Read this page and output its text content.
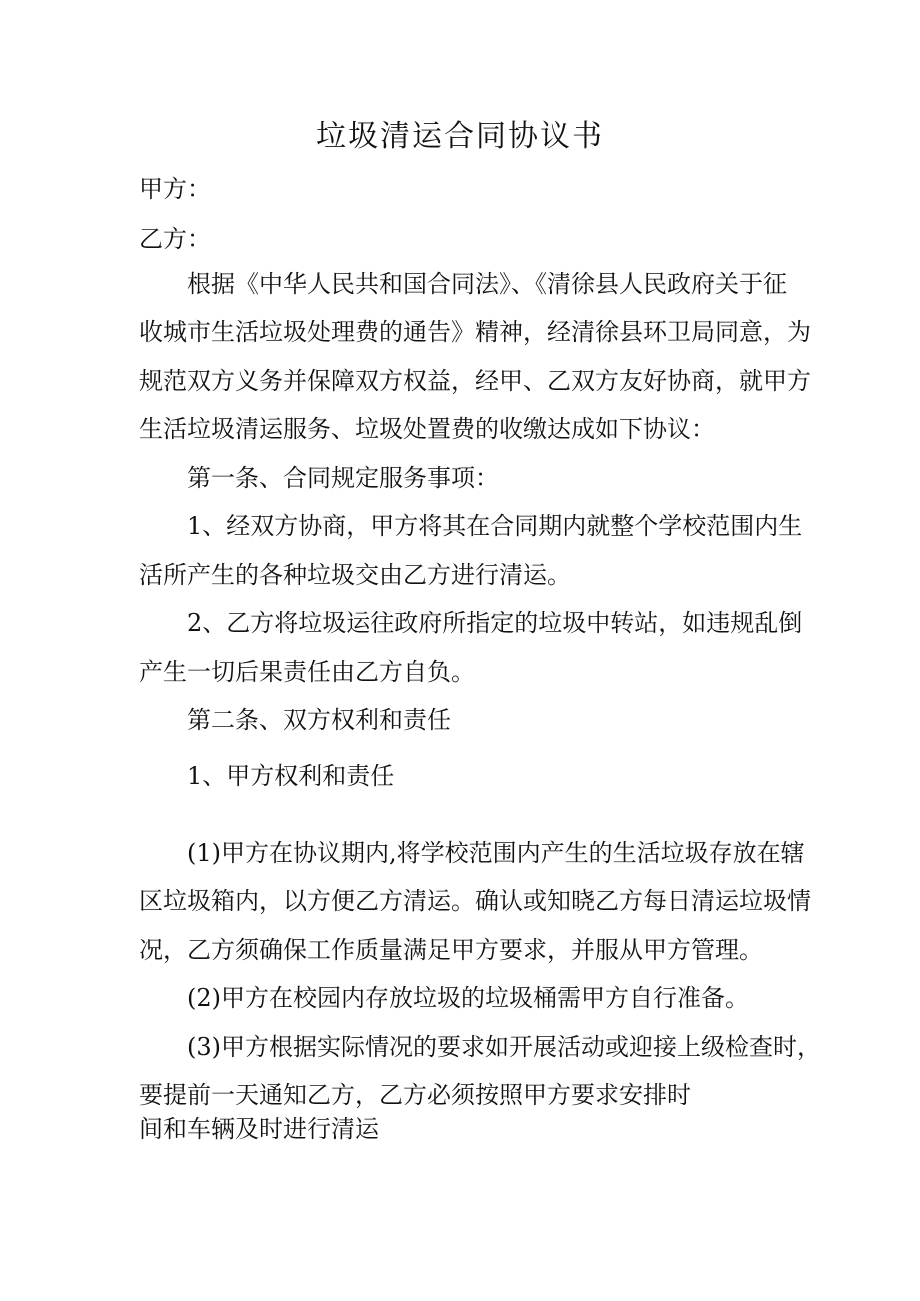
垃圾清运合同协议书
甲方：
乙方：
根据《中华人民共和国合同法》、《清徐县人民政府关于征
收城市生活垃圾处理费的通告》精神，经清徐县环卫局同意，为
规范双方义务并保障双方权益，经甲、乙双方友好协商，就甲方
生活垃圾清运服务、垃圾处置费的收缴达成如下协议：
第一条、合同规定服务事项：
1、经双方协商，甲方将其在合同期内就整个学校范围内生
活所产生的各种垃圾交由乙方进行清运。
2、乙方将垃圾运往政府所指定的垃圾中转站，如违规乱倒
产生一切后果责任由乙方自负。
第二条、双方权利和责任
1、甲方权利和责任
(1)甲方在协议期内,将学校范围内产生的生活垃圾存放在辖
区垃圾箱内，以方便乙方清运。确认或知晓乙方每日清运垃圾情
况，乙方须确保工作质量满足甲方要求，并服从甲方管理。
(2)甲方在校园内存放垃圾的垃圾桶需甲方自行准备。
(3)甲方根据实际情况的要求如开展活动或迎接上级检查时，
要提前一天通知乙方，乙方必须按照甲方要求安排时
间和车辆及时进行清运
